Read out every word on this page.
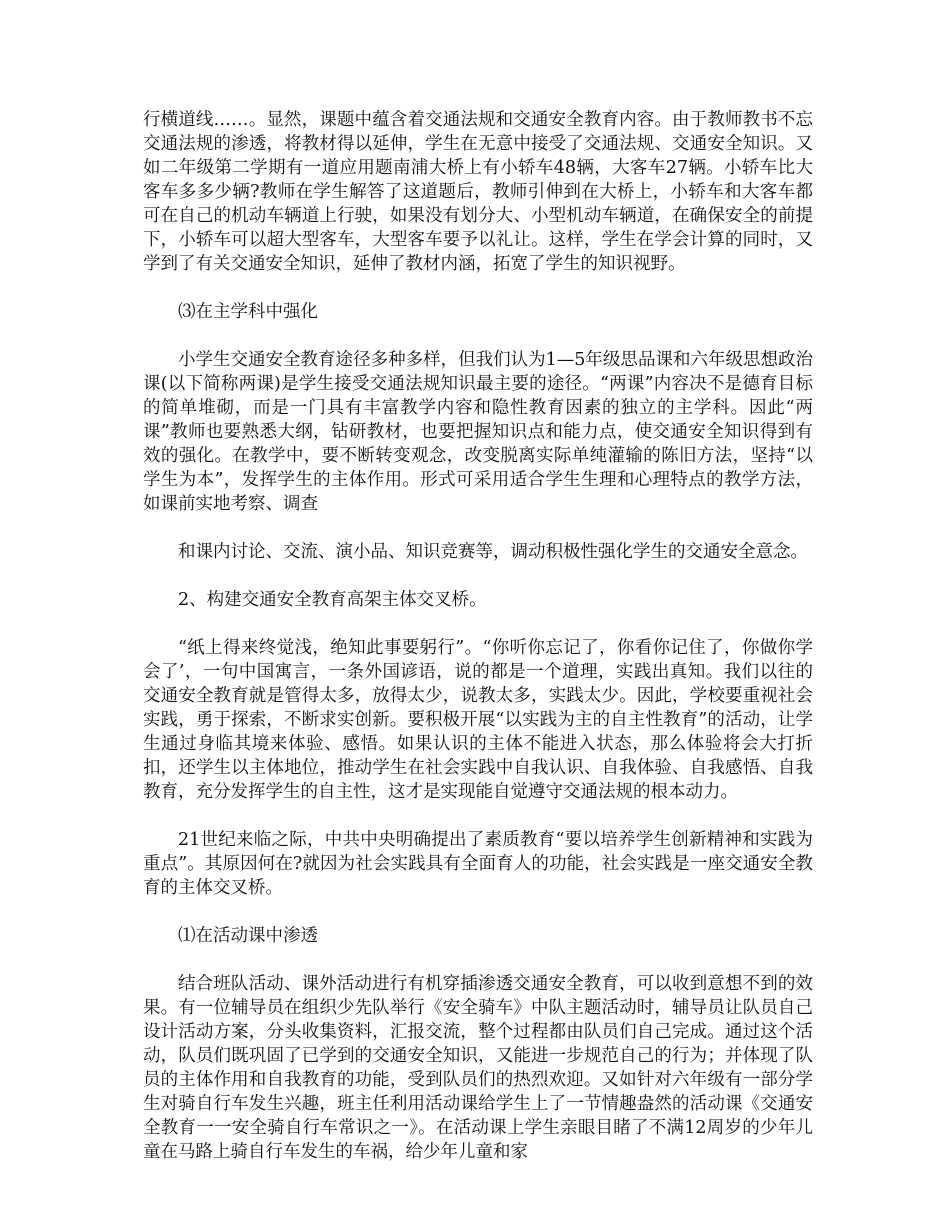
行横道线……。显然，课题中蕴含着交通法规和交通安全教育内容。由于教师教书不忘交通法规的渗透，将教材得以延伸，学生在无意中接受了交通法规、交通安全知识。又如二年级第二学期有一道应用题南浦大桥上有小轿车48辆，大客车27辆。小轿车比大客车多多少辆?教师在学生解答了这道题后，教师引伸到在大桥上，小轿车和大客车都可在自己的机动车辆道上行驶，如果没有划分大、小型机动车辆道，在确保安全的前提下，小轿车可以超大型客车，大型客车要予以礼让。这样，学生在学会计算的同时，又学到了有关交通安全知识，延伸了教材内涵，拓宽了学生的知识视野。

⑶在主学科中强化

小学生交通安全教育途径多种多样，但我们认为1—5年级思品课和六年级思想政治课(以下简称两课)是学生接受交通法规知识最主要的途径。“两课”内容决不是德育目标的简单堆砌，而是一门具有丰富教学内容和隐性教育因素的独立的主学科。因此“两课”教师也要熟悉大纲，钻研教材，也要把握知识点和能力点，使交通安全知识得到有效的强化。在教学中，要不断转变观念，改变脱离实际单纯灌输的陈旧方法，坚持“以学生为本”，发挥学生的主体作用。形式可采用适合学生生理和心理特点的教学方法，如课前实地考察、调查

和课内讨论、交流、演小品、知识竞赛等，调动积极性强化学生的交通安全意念。

2、构建交通安全教育高架主体交叉桥。

“纸上得来终觉浅，绝知此事要躬行”。“你听你忘记了，你看你记住了，你做你学会了’，一句中国寓言，一条外国谚语，说的都是一个道理，实践出真知。我们以往的交通安全教育就是管得太多，放得太少，说教太多，实践太少。因此，学校要重视社会实践，勇于探索，不断求实创新。要积极开展“以实践为主的自主性教育”的活动，让学生通过身临其境来体验、感悟。如果认识的主体不能进入状态，那么体验将会大打折扣，还学生以主体地位，推动学生在社会实践中自我认识、自我体验、自我感悟、自我教育，充分发挥学生的自主性，这才是实现能自觉遵守交通法规的根本动力。

21世纪来临之际，中共中央明确提出了素质教育“要以培养学生创新精神和实践为重点”。其原因何在?就因为社会实践具有全面育人的功能，社会实践是一座交通安全教育的主体交叉桥。

⑴在活动课中渗透

结合班队活动、课外活动进行有机穿插渗透交通安全教育，可以收到意想不到的效果。有一位辅导员在组织少先队举行《安全骑车》中队主题活动时，辅导员让队员自己设计活动方案，分头收集资料，汇报交流，整个过程都由队员们自己完成。通过这个活动，队员们既巩固了已学到的交通安全知识，又能进一步规范自己的行为；并体现了队员的主体作用和自我教育的功能，受到队员们的热烈欢迎。又如针对六年级有一部分学生对骑自行车发生兴趣，班主任利用活动课给学生上了一节情趣盎然的活动课《交通安全教育一一安全骑自行车常识之一》。在活动课上学生亲眼目睹了不满12周岁的少年儿童在马路上骑自行车发生的车祸，给少年儿童和家
